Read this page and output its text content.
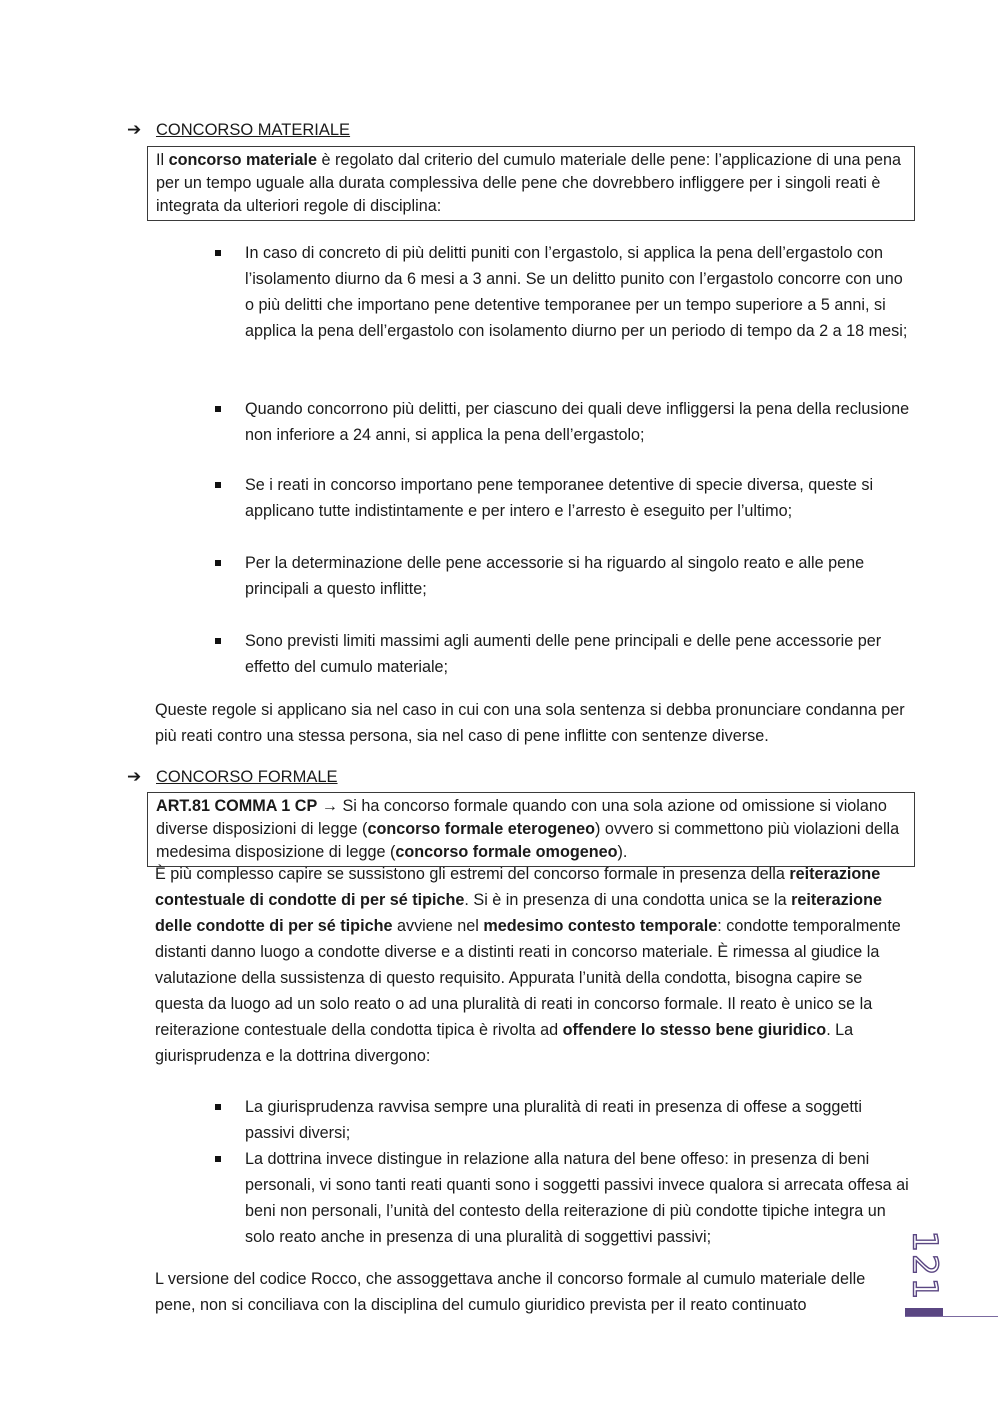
➔ CONCORSO MATERIALE
Il concorso materiale è regolato dal criterio del cumulo materiale delle pene: l’applicazione di una pena per un tempo uguale alla durata complessiva delle pene che dovrebbero infliggere per i singoli reati è integrata da ulteriori regole di disciplina:
In caso di concreto di più delitti puniti con l’ergastolo, si applica la pena dell’ergastolo con l’isolamento diurno da 6 mesi a 3 anni. Se un delitto punito con l’ergastolo concorre con uno o più delitti che importano pene detentive temporanee per un tempo superiore a 5 anni, si applica la pena dell’ergastolo con isolamento diurno per un periodo di tempo da 2 a 18 mesi;
Quando concorrono più delitti, per ciascuno dei quali deve infliggersi la pena della reclusione non inferiore a 24 anni, si applica la pena dell’ergastolo;
Se i reati in concorso importano pene temporanee detentive di specie diversa, queste si applicano tutte indistintamente e per intero e l’arresto è eseguito per l’ultimo;
Per la determinazione delle pene accessorie si ha riguardo al singolo reato e alle pene principali a questo inflitte;
Sono previsti limiti massimi agli aumenti delle pene principali e delle pene accessorie per effetto del cumulo materiale;
Queste regole si applicano sia nel caso in cui con una sola sentenza si debba pronunciare condanna per più reati contro una stessa persona, sia nel caso di pene inflitte con sentenze diverse.
➔ CONCORSO FORMALE
ART.81 COMMA 1 CP → Si ha concorso formale quando con una sola azione od omissione si violano diverse disposizioni di legge (concorso formale eterogeneo) ovvero si commettono più violazioni della medesima disposizione di legge (concorso formale omogeneo).
È più complesso capire se sussistono gli estremi del concorso formale in presenza della reiterazione contestuale di condotte di per sé tipiche. Si è in presenza di una condotta unica se la reiterazione delle condotte di per sé tipiche avviene nel medesimo contesto temporale: condotte temporalmente distanti danno luogo a condotte diverse e a distinti reati in concorso materiale. È rimessa al giudice la valutazione della sussistenza di questo requisito. Appurata l’unità della condotta, bisogna capire se questa da luogo ad un solo reato o ad una pluralità di reati in concorso formale. Il reato è unico se la reiterazione contestuale della condotta tipica è rivolta ad offendere lo stesso bene giuridico. La giurisprudenza e la dottrina divergono:
La giurisprudenza ravvisa sempre una pluralità di reati in presenza di offese a soggetti passivi diversi;
La dottrina invece distingue in relazione alla natura del bene offeso: in presenza di beni personali, vi sono tanti reati quanti sono i soggetti passivi invece qualora si arrecata offesa ai beni non personali, l’unità del contesto della reiterazione di più condotte tipiche integra un solo reato anche in presenza di una pluralità di soggettivi passivi;
L versione del codice Rocco, che assoggettava anche il concorso formale al cumulo materiale delle pene, non si conciliava con la disciplina del cumulo giuridico prevista per il reato continuato
121
